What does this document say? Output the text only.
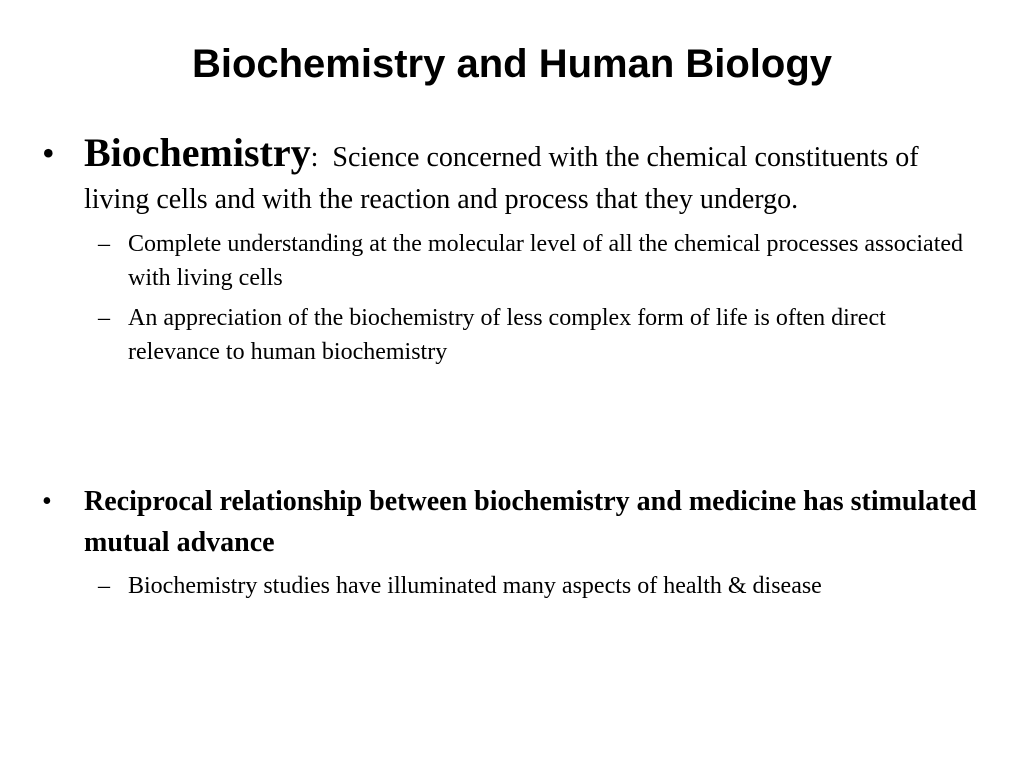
Biochemistry and Human Biology
• Biochemistry: Science concerned with the chemical constituents of living cells and with the reaction and process that they undergo.
– Complete understanding at the molecular level of all the chemical processes associated with living cells
– An appreciation of the biochemistry of less complex form of life is often direct relevance to human biochemistry
• Reciprocal relationship between biochemistry and medicine has stimulated mutual advance
– Biochemistry studies have illuminated many aspects of health & disease
